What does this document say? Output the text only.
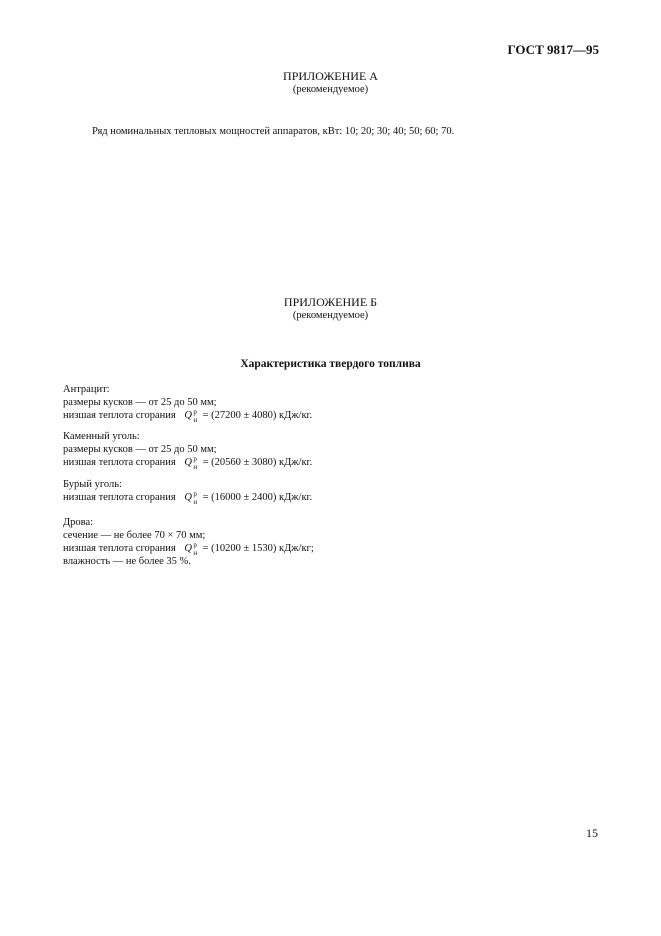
ГОСТ 9817—95
ПРИЛОЖЕНИЕ А
(рекомендуемое)
Ряд номинальных тепловых мощностей аппаратов, кВт: 10; 20; 30; 40; 50; 60; 70.
ПРИЛОЖЕНИЕ Б
(рекомендуемое)
Характеристика твердого топлива
Антрацит:
размеры кусков — от 25 до 50 мм;
низшая теплота сгорания Q р
н = (27200 ± 4080) кДж/кг.
Каменный уголь:
размеры кусков — от 25 до 50 мм;
низшая теплота сгорания Q р
н = (20560 ± 3080) кДж/кг.
Бурый уголь:
низшая теплота сгорания Q р
н = (16000 ± 2400) кДж/кг.
Дрова:
сечение — не более 70 × 70 мм;
низшая теплота сгорания Q р
н = (10200 ± 1530) кДж/кг;
влажность — не более 35 %.
15
